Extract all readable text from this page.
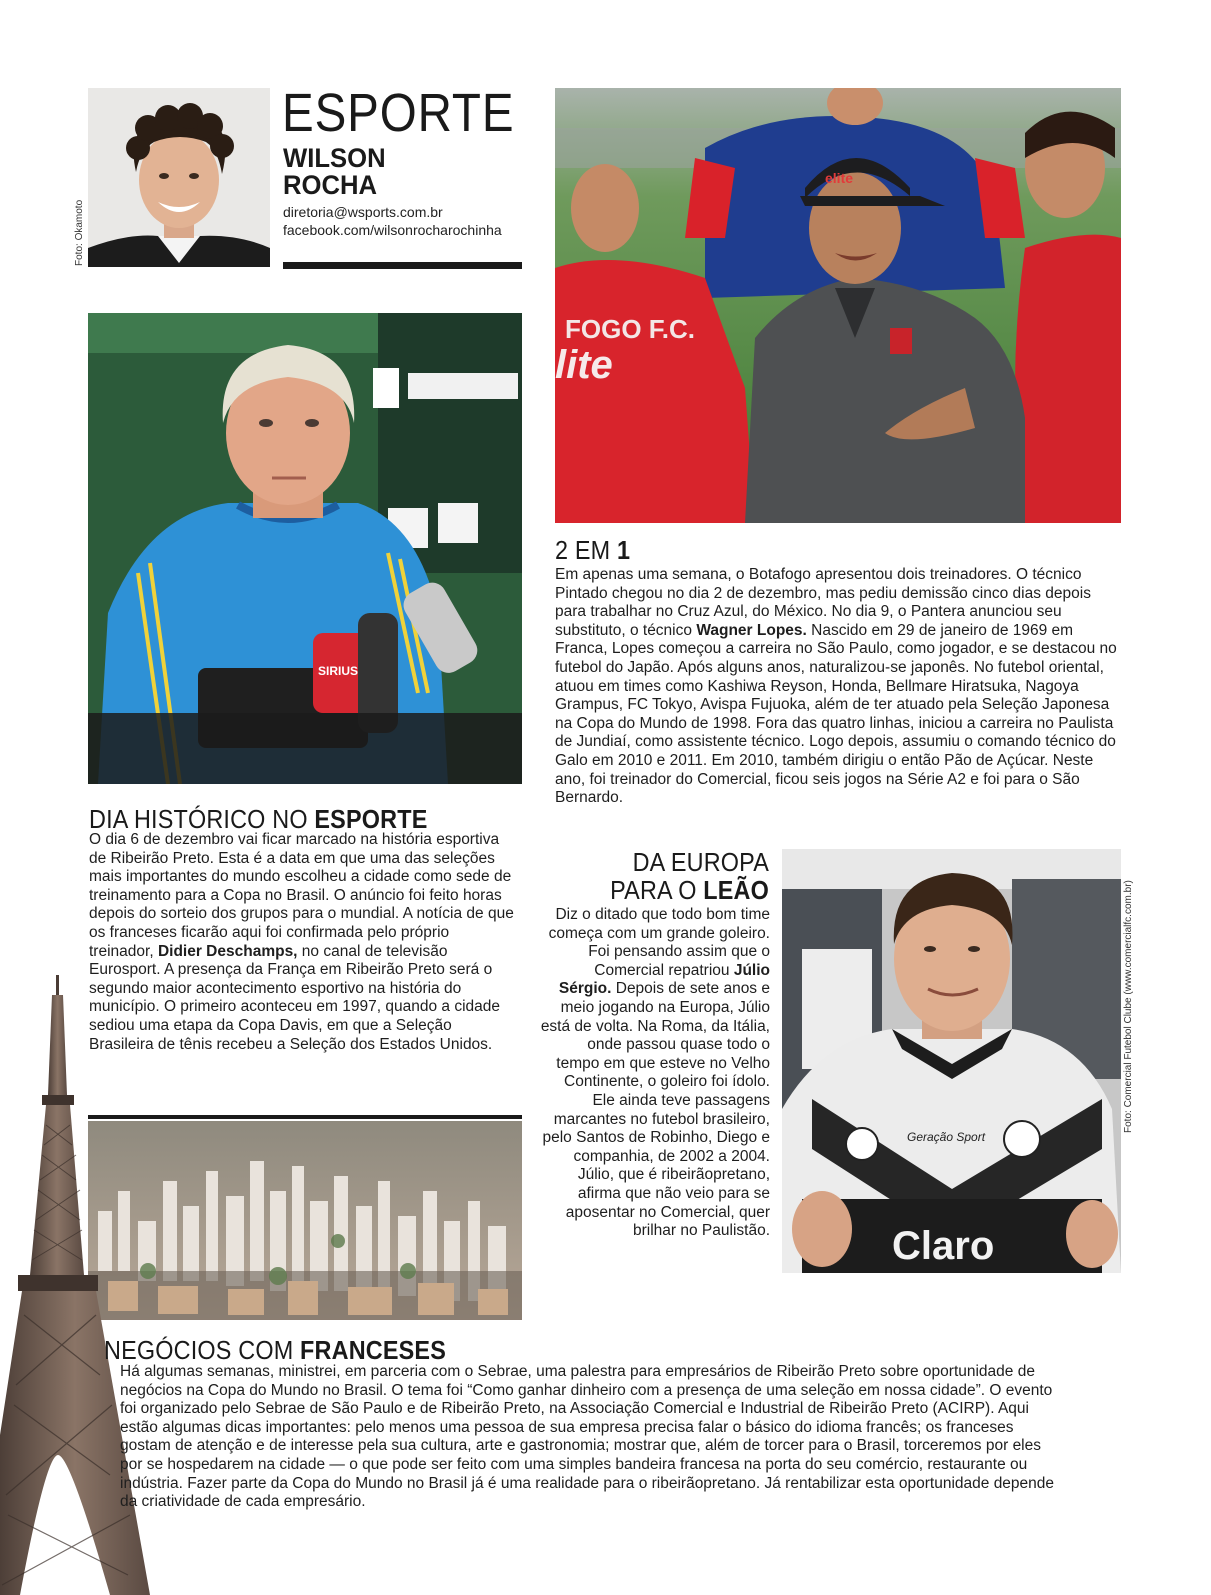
Foto: Okamoto
ESPORTE
WILSON
ROCHA
diretoria@wsports.com.br
facebook.com/wilsonrocharochinha
FOGO F.C.
lite
elite
SIRIUS
2 EM 1
Em apenas uma semana, o Botafogo apresentou dois treinadores. O técnico Pintado chegou no dia 2 de dezembro, mas pediu demissão cinco dias depois para trabalhar no Cruz Azul, do México. No dia 9, o Pantera anunciou seu substituto, o técnico Wagner Lopes. Nascido em 29 de janeiro de 1969 em Franca, Lopes começou a carreira no São Paulo, como jogador, e se destacou no futebol do Japão. Após alguns anos, naturalizou-se japonês. No futebol oriental, atuou em times como Kashiwa Reyson, Honda, Bellmare Hiratsuka, Nagoya Grampus, FC Tokyo, Avispa Fujuoka, além de ter atuado pela Seleção Japonesa na Copa do Mundo de 1998. Fora das quatro linhas, iniciou a carreira no Paulista de Jundiaí, como assistente técnico. Logo depois, assumiu o comando técnico do Galo em 2010 e 2011. Em 2010, também dirigiu o então Pão de Açúcar. Neste ano, foi treinador do Comercial, ficou seis jogos na Série A2 e foi para o São Bernardo.
DIA HISTÓRICO NO ESPORTE
O dia 6 de dezembro vai ficar marcado na história esportiva de Ribeirão Preto. Esta é a data em que uma das seleções mais importantes do mundo escolheu a cidade como sede de treinamento para a Copa no Brasil. O anúncio foi feito horas depois do sorteio dos grupos para o mundial. A notícia de que os franceses ficarão aqui foi confirmada pelo próprio treinador, Didier Deschamps, no canal de televisão Eurosport. A presença da França em Ribeirão Preto será o segundo maior acontecimento esportivo na história do município. O primeiro aconteceu em 1997, quando a cidade sediou uma etapa da Copa Davis, em que a Seleção Brasileira de tênis recebeu a Seleção dos Estados Unidos.
DA EUROPA
PARA O LEÃO
Diz o ditado que todo bom time começa com um grande goleiro. Foi pensando assim que o Comercial repatriou Júlio Sérgio. Depois de sete anos e meio jogando na Europa, Júlio está de volta. Na Roma, da Itália, onde passou quase todo o tempo em que esteve no Velho Continente, o goleiro foi ídolo. Ele ainda teve passagens marcantes no futebol brasileiro, pelo Santos de Robinho, Diego e companhia, de 2002 a 2004. Júlio, que é ribeirãopretano, afirma que não veio para se aposentar no Comercial, quer brilhar no Paulistão.	Claro
Geração Sport
Foto: Comercial Futebol Clube (www.comercialfc.com.br)
NEGÓCIOS COM FRANCESES
Há algumas semanas, ministrei, em parceria com o Sebrae, uma palestra para empresários de Ribeirão Preto sobre oportunidade de negócios na Copa do Mundo no Brasil. O tema foi “Como ganhar dinheiro com a presença de uma seleção em nossa cidade”. O evento foi organizado pelo Sebrae de São Paulo e de Ribeirão Preto, na Associação Comercial e Industrial de Ribeirão Preto (ACIRP). Aqui estão algumas dicas importantes: pelo menos uma pessoa de sua empresa precisa falar o básico do idioma francês; os franceses gostam de atenção e de interesse pela sua cultura, arte e gastronomia; mostrar que, além de torcer para o Brasil, torceremos por eles por se hospedarem na cidade — o que pode ser feito com uma simples bandeira francesa na porta do seu comércio, restaurante ou indústria. Fazer parte da Copa do Mundo no Brasil já é uma realidade para o ribeirãopretano. Já rentabilizar esta oportunidade depende da criatividade de cada empresário.
